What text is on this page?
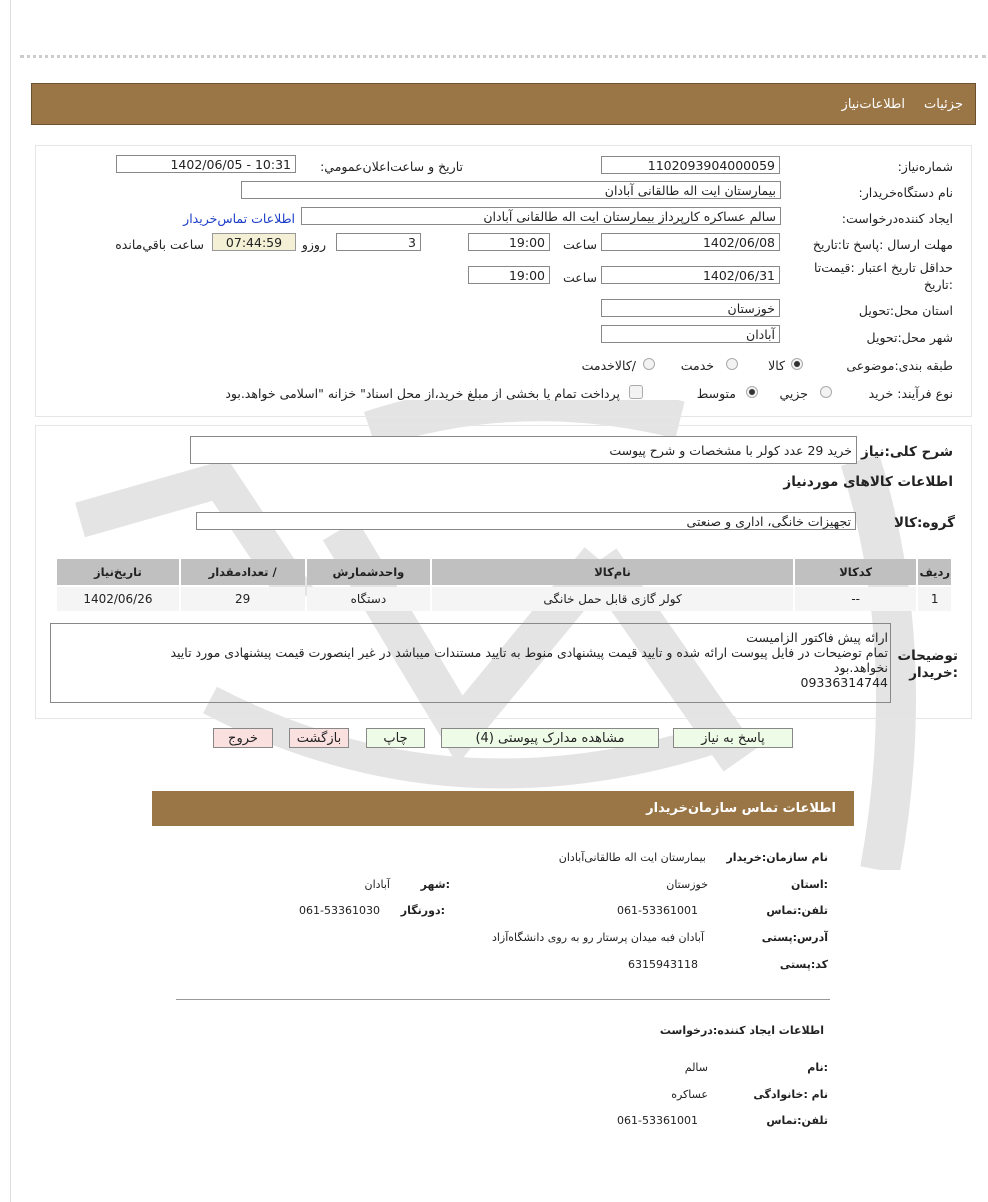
جزئیات
اطلاعات‌نیاز
شماره‌نیاز:
1102093904000059
تاریخ و ساعت‌اعلان‌عمومي:
1402/06/05 - 10:31
نام دستگاه‌خریدار:
بیمارستان ایت اله طالقانی آبادان
ایجاد کننده‌درخواست:
سالم عساکره کارپرداز بیمارستان ایت اله طالقانی آبادان
اطلاعات تماس‌خریدار
مهلت ارسال :پاسخ تا:تاریخ
1402/06/08
ساعت
19:00
3
روزو
07:44:59
ساعت باقي‌مانده
حداقل تاریخ اعتبار :قیمت‌تا
:تاریخ
1402/06/31
ساعت
19:00
استان محل:تحویل
خوزستان
شهر محل:تحویل
آبادان
طبقه بندی:موضوعی
کالا
خدمت
/کالاخدمت
نوع فرآیند: خرید
جزيي
متوسط
پرداخت تمام یا بخشی از مبلغ خرید،از محل اسناد" خزانه "اسلامی خواهد.بود
شرح کلی:نیاز
خرید 29 عدد کولر با مشخصات و شرح پیوست
اطلاعات کالاهای مورد‌نیاز
گروه:کالا
تجهیزات خانگی، اداری و صنعتی
ردیف	کدکالا	نام‌کالا	واحدشمارش	/ تعدادمقدار	تاریخ‌نیاز
1	--	کولر گازی قابل حمل خانگی	دستگاه	29	1402/06/26
توضیحات
:خریدار
ارائه پیش فاکتور الزامیست
تمام توضیحات در فایل پیوست ارائه شده و تایید قیمت پیشنهادی منوط به تایید مستندات میباشد در غیر اینصورت قیمت پیشنهادی مورد تایید
نخواهد.بود
09336314744
پاسخ به نیاز
مشاهده مدارک پیوستی (4)
چاپ
بازگشت
خروج
اطلاعات تماس سازمان‌خریدار
نام سازمان:خریدار
بیمارستان ایت اله طالقانی‌آبادان
:استان
خوزستان
:شهر
آبادان
تلفن:تماس
061-53361001
:دورنگار
061-53361030
آدرس:پستی
آبادان فبه میدان پرستار رو به روی دانشگاه‌آزاد
کد:پستی
6315943118
اطلاعات ایجاد کننده:درخواست
:نام
سالم
نام :خانوادگی
عساکره
تلفن:تماس
061-53361001
